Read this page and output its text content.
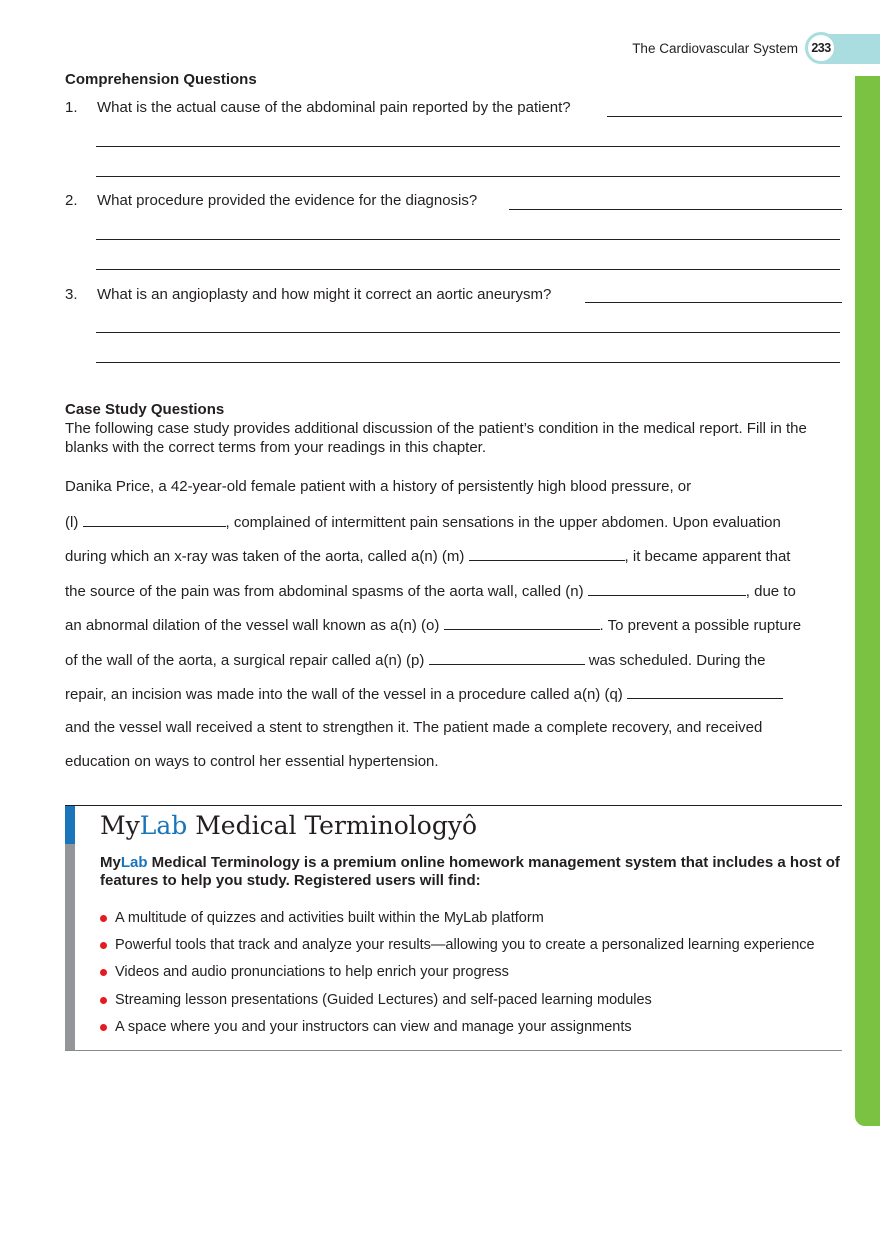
The Cardiovascular System	233
Comprehension Questions
1. What is the actual cause of the abdominal pain reported by the patient?
2. What procedure provided the evidence for the diagnosis?
3. What is an angioplasty and how might it correct an aortic aneurysm?
Case Study Questions
The following case study provides additional discussion of the patient’s condition in the medical report. Fill in the blanks with the correct terms from your readings in this chapter.
Danika Price, a 42-year-old female patient with a history of persistently high blood pressure, or
(l)	, complained of intermittent pain sensations in the upper abdomen. Upon evaluation
during which an x-ray was taken of the aorta, called a(n) (m)	, it became apparent that
the source of the pain was from abdominal spasms of the aorta wall, called (n)	, due to
an abnormal dilation of the vessel wall known as a(n) (o)	. To prevent a possible rupture
of the wall of the aorta, a surgical repair called a(n) (p)	was scheduled. During the
repair, an incision was made into the wall of the vessel in a procedure called a(n) (q)
and the vessel wall received a stent to strengthen it. The patient made a complete recovery, and received
education on ways to control her essential hypertension.
MyLab Medical Terminologyô
MyLab Medical Terminology is a premium online homework management system that includes a host of features to help you study. Registered users will find:
A multitude of quizzes and activities built within the MyLab platform
Powerful tools that track and analyze your results—allowing you to create a personalized learning experience
Videos and audio pronunciations to help enrich your progress
Streaming lesson presentations (Guided Lectures) and self-paced learning modules
A space where you and your instructors can view and manage your assignments
